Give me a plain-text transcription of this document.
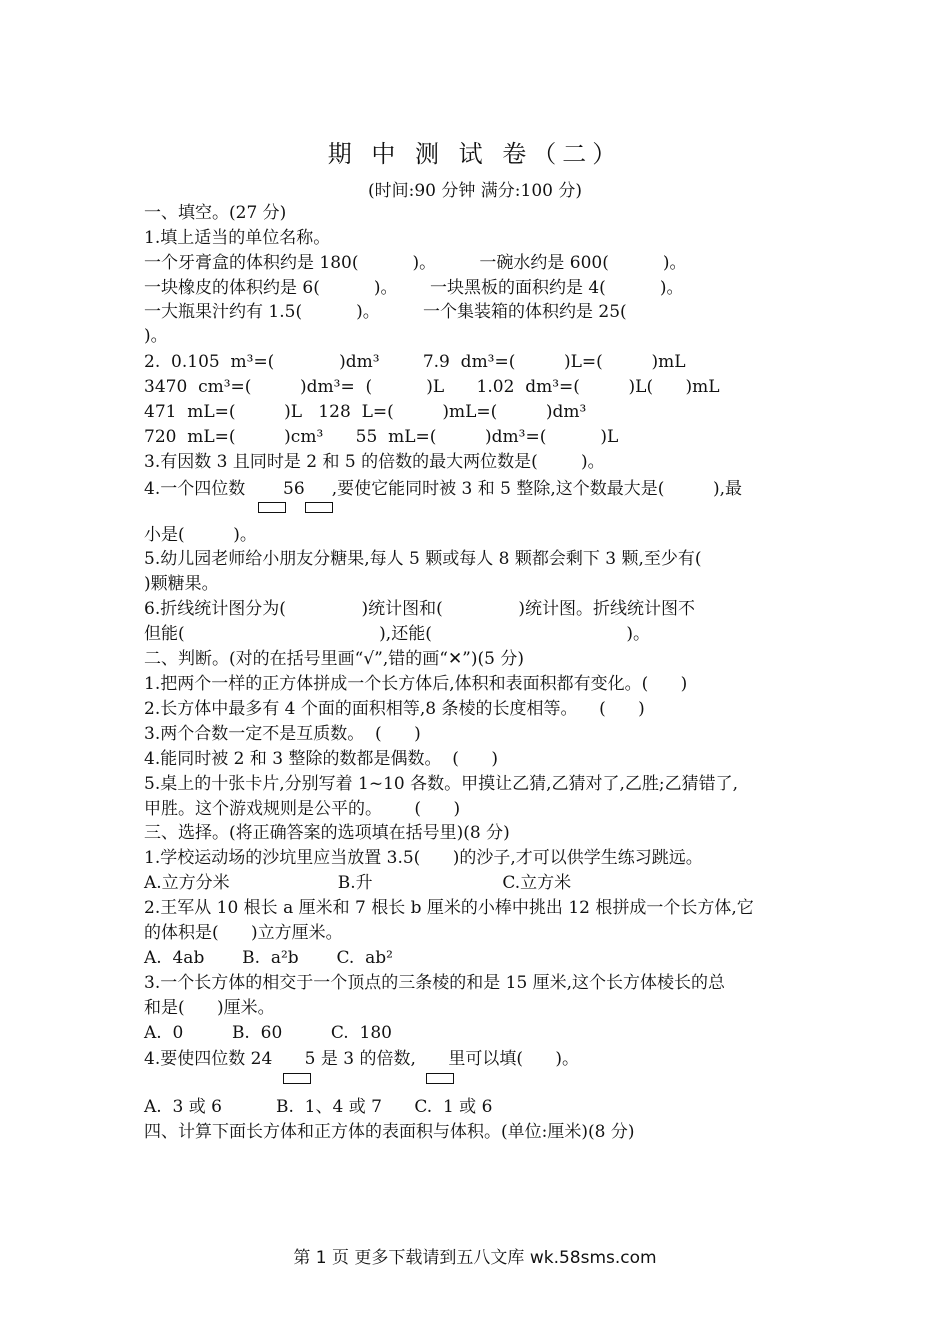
期 中 测 试 卷（二）
(时间:90 分钟 满分:100 分)
一、填空。(27 分)
1.填上适当的单位名称。
一个牙膏盒的体积约是 180(          )。        一碗水约是 600(          )。
一块橡皮的体积约是 6(          )。      一块黑板的面积约是 4(          )。
一大瓶果汁约有 1.5(          )。        一个集装箱的体积约是 25(
)。
2.  0.105  m³=(            )dm³        7.9  dm³=(         )L=(         )mL
3470  cm³=(         )dm³=  (          )L      1.02  dm³=(         )L(      )mL
471  mL=(         )L   128  L=(         )mL=(         )dm³
720  mL=(         )cm³      55  mL=(         )dm³=(          )L
3.有因数 3 且同时是 2 和 5 的倍数的最大两位数是(        )。
4.一个四位数       56     ,要使它能同时被 3 和 5 整除,这个数最大是(         ),最
小是(         )。
5.幼儿园老师给小朋友分糖果,每人 5 颗或每人 8 颗都会剩下 3 颗,至少有(
)颗糖果。
6.折线统计图分为(              )统计图和(              )统计图。折线统计图不
但能(                                    ),还能(                                    )。
二、判断。(对的在括号里画“√”,错的画“✕”)(5 分)
1.把两个一样的正方体拼成一个长方体后,体积和表面积都有变化。(      )
2.长方体中最多有 4 个面的面积相等,8 条棱的长度相等。    (      )
3.两个合数一定不是互质数。  (      )
4.能同时被 2 和 3 整除的数都是偶数。  (      )
5.桌上的十张卡片,分别写着 1~10 各数。甲摸让乙猜,乙猜对了,乙胜;乙猜错了,
甲胜。这个游戏规则是公平的。      (      )
三、选择。(将正确答案的选项填在括号里)(8 分)
1.学校运动场的沙坑里应当放置 3.5(      )的沙子,才可以供学生练习跳远。
A.立方分米                    B.升                        C.立方米
2.王军从 10 根长 a 厘米和 7 根长 b 厘米的小棒中挑出 12 根拼成一个长方体,它
的体积是(      )立方厘米。
A.  4ab       B.  a²b       C.  ab²
3.一个长方体的相交于一个顶点的三条棱的和是 15 厘米,这个长方体棱长的总
和是(      )厘米。
A.  0         B.  60         C.  180
4.要使四位数 24      5 是 3 的倍数,      里可以填(      )。
A.  3 或 6          B.  1、4 或 7      C.  1 或 6
四、计算下面长方体和正方体的表面积与体积。(单位:厘米)(8 分)
第 1 页 更多下载请到五八文库 wk.58sms.com
